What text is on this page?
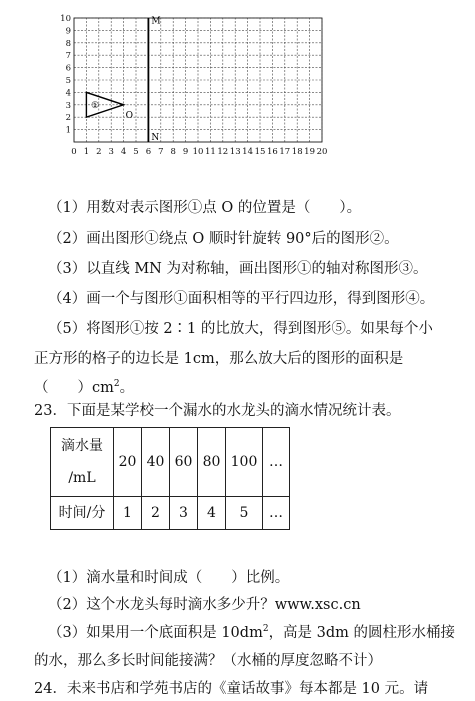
0 1 2 3 4 5 6 7 8 9 10 11 12 13 14 15 16 17 18 19 20
1
2
3
4
5
6
7
8
9
10	M
N
①
O
（1）用数对表示图形①点 O 的位置是（　　）。
（2）画出图形①绕点 O 顺时针旋转 90°后的图形②。
（3）以直线 MN 为对称轴，画出图形①的轴对称图形③。
（4）画一个与图形①面积相等的平行四边形，得到图形④。
（5）将图形①按 2∶1 的比放大，得到图形⑤。如果每个小
正方形的格子的边长是 1cm，那么放大后的图形的面积是
（　　）$cm^2$。
23．下面是某学校一个漏水的水龙头的滴水情况统计表。
滴水量
/mL	20	40	60	80	100	…
时间/分	1	2	3	4	5	…
（1）滴水量和时间成（　　）比例。
（2）这个水龙头每时滴水多少升？www.xsc.cn
（3）如果用一个底面积是 $10dm^2$，高是 3dm 的圆柱形水桶接
的水，那么多长时间能接满？（水桶的厚度忽略不计）
24．未来书店和学苑书店的《童话故事》每本都是 10 元。请
